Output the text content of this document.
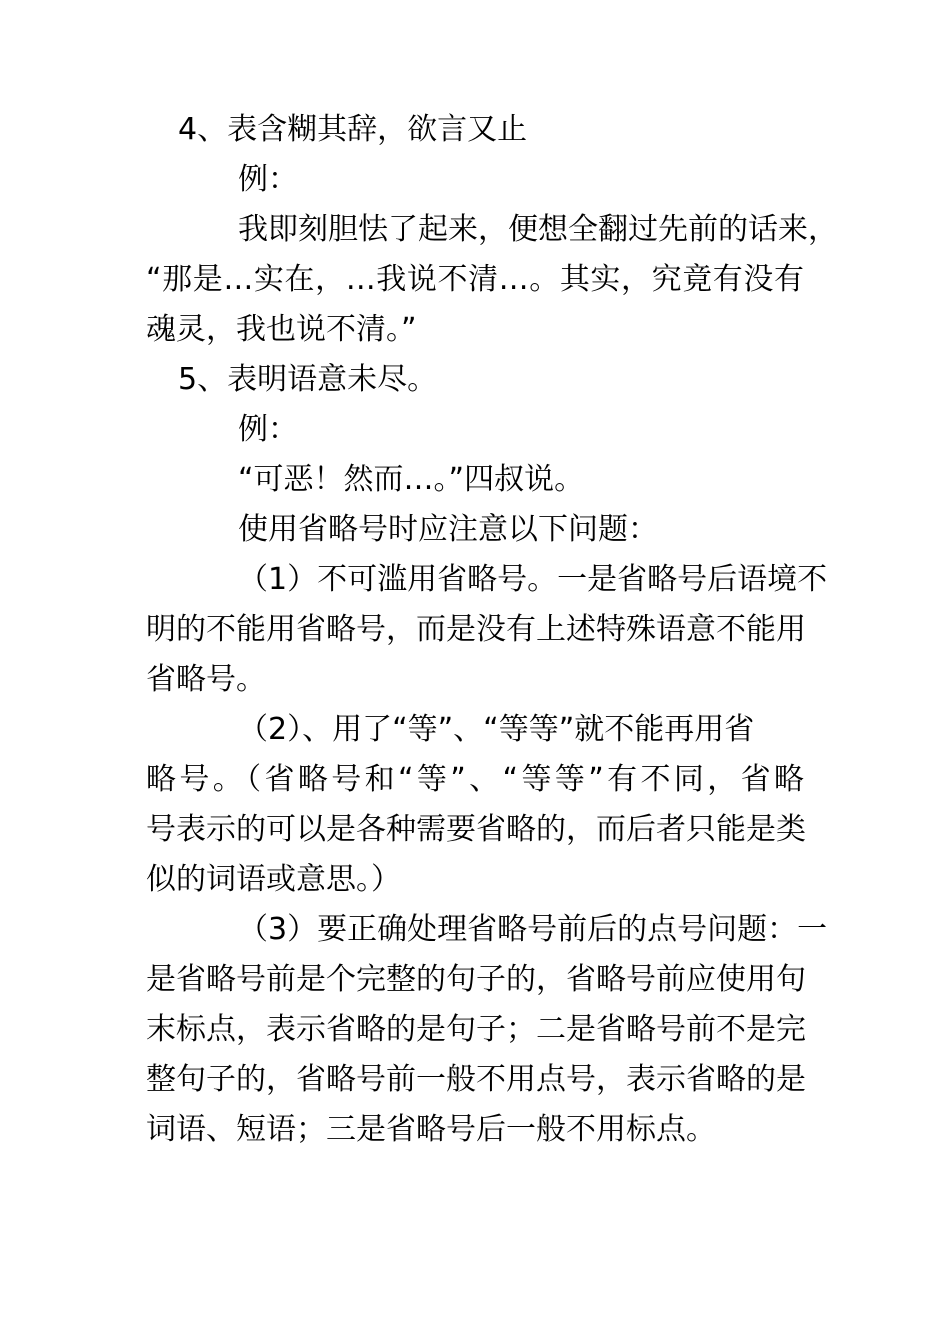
4、表含糊其辞，欲言又止
例：
我即刻胆怯了起来，便想全翻过先前的话来，
“那是…实在，…我说不清…。其实，究竟有没有
魂灵，我也说不清。”
5、表明语意未尽。
例：
“可恶！然而…。”四叔说。
使用省略号时应注意以下问题：
（1）不可滥用省略号。一是省略号后语境不
明的不能用省略号，而是没有上述特殊语意不能用
省略号。
（2）、用了“等”、“等等”就不能再用省
略号。（省略号和“等”、“等等”有不同，省略
号表示的可以是各种需要省略的，而后者只能是类
似的词语或意思。）
（3）要正确处理省略号前后的点号问题：一
是省略号前是个完整的句子的，省略号前应使用句
末标点，表示省略的是句子；二是省略号前不是完
整句子的，省略号前一般不用点号，表示省略的是
词语、短语；三是省略号后一般不用标点。
